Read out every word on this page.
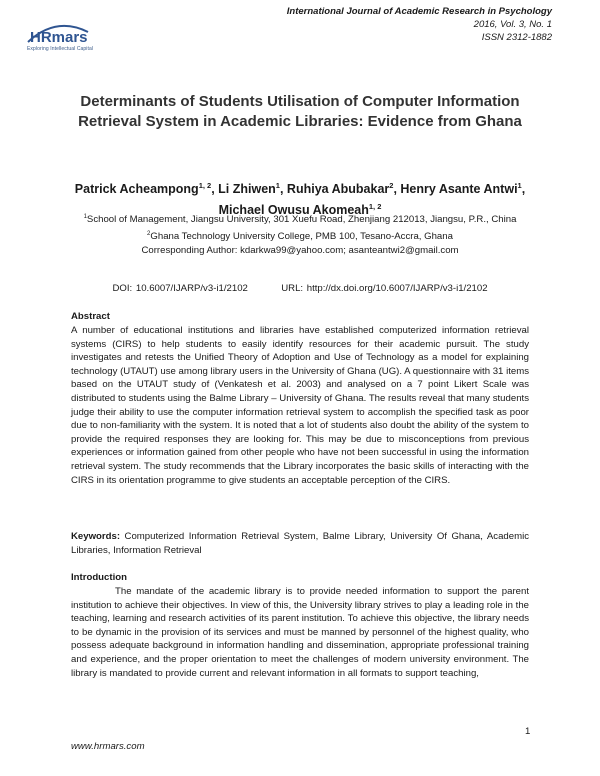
HRmars
Exploring Intellectual Capital
International Journal of Academic Research in Psychology
2016, Vol. 3, No. 1
ISSN 2312-1882
Determinants of Students Utilisation of Computer Information Retrieval System in Academic Libraries: Evidence from Ghana
Patrick Acheampong$^{1, 2}$, Li Zhiwen$^1$, Ruhiya Abubakar$^2$, Henry Asante Antwi$^1$, Michael Owusu Akomeah$^{1, 2}$
$^1$School of Management, Jiangsu University, 301 Xuefu Road, Zhenjiang 212013, Jiangsu, P.R., China
$^2$Ghana Technology University College, PMB 100, Tesano-Accra, Ghana
Corresponding Author: kdarkwa99@yahoo.com; asanteantwi2@gmail.com
DOI: 10.6007/IJARP/v3-i1/2102	URL: http://dx.doi.org/10.6007/IJARP/v3-i1/2102
Abstract
A number of educational institutions and libraries have established computerized information retrieval systems (CIRS) to help students to easily identify resources for their academic pursuit. The study investigates and retests the Unified Theory of Adoption and Use of Technology as a model for explaining technology (UTAUT) use among library users in the University of Ghana (UG). A questionnaire with 31 items based on the UTAUT study of (Venkatesh et al. 2003) and analysed on a 7 point Likert Scale was distributed to students using the Balme Library – University of Ghana. The results reveal that many students judge their ability to use the computer information retrieval system to accomplish the specified task as poor due to non-familiarity with the system. It is noted that a lot of students also doubt the ability of the system to provide the required responses they are looking for. This may be due to misconceptions from previous experiences or information gained from other people who have not been successful in using the information retrieval system. The study recommends that the Library incorporates the basic skills of interacting with the CIRS in its orientation programme to give students an acceptable perception of the CIRS.
Keywords: Computerized Information Retrieval System, Balme Library, University Of Ghana, Academic Libraries, Information Retrieval
Introduction
The mandate of the academic library is to provide needed information to support the parent institution to achieve their objectives. In view of this, the University library strives to play a leading role in the teaching, learning and research activities of its parent institution. To achieve this objective, the library needs to be dynamic in the provision of its services and must be manned by personnel of the highest quality, who possess adequate background in information handling and dissemination, appropriate professional training and experience, and the proper orientation to meet the challenges of modern university environment. The library is mandated to provide current and relevant information in all formats to support teaching,
1
www.hrmars.com
